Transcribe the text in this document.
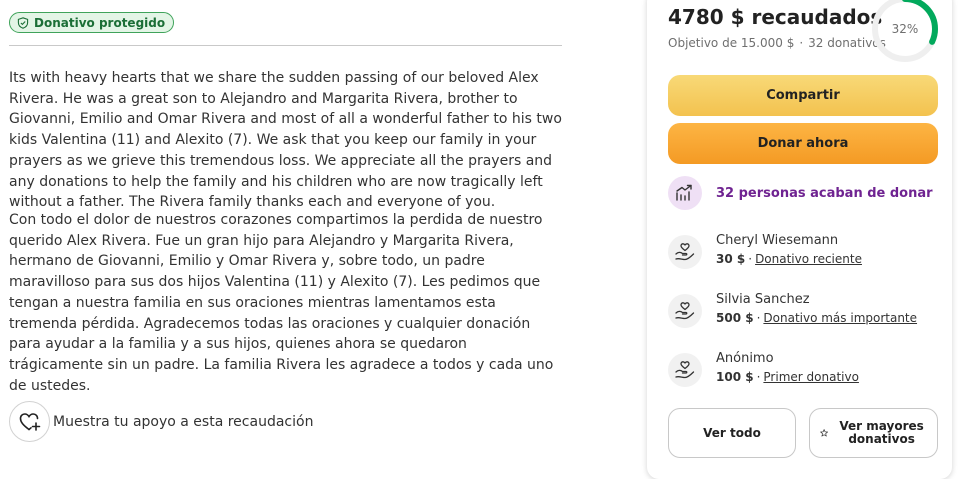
Donativo protegido

Its with heavy hearts that we share the sudden passing of our beloved Alex Rivera. He was a great son to Alejandro and Margarita Rivera, brother to Giovanni, Emilio and Omar Rivera and most of all a wonderful father to his two kids Valentina (11) and Alexito (7). We ask that you keep our family in your prayers as we grieve this tremendous loss. We appreciate all the prayers and any donations to help the family and his children who are now tragically left without a father. The Rivera family thanks each and everyone of you.

Con todo el dolor de nuestros corazones compartimos la perdida de nuestro querido Alex Rivera. Fue un gran hijo para Alejandro y Margarita Rivera, hermano de Giovanni, Emilio y Omar Rivera y, sobre todo, un padre maravilloso para sus dos hijos Valentina (11) y Alexito (7). Les pedimos que tengan a nuestra familia en sus oraciones mientras lamentamos esta tremenda pérdida. Agradecemos todas las oraciones y cualquier donación para ayudar a la familia y a sus hijos, quienes ahora se quedaron trágicamente sin un padre. La familia Rivera les agradece a todos y cada uno de ustedes.

Muestra tu apoyo a esta recaudación
4780 $ recaudados
Objetivo de 15.000 $ · 32 donativos
32%
Compartir
Donar ahora
32 personas acaban de donar
Cheryl Wiesemann
30 $ · Donativo reciente
Silvia Sanchez
500 $ · Donativo más importante
Anónimo
100 $ · Primer donativo
Ver todo	Ver mayores donativos
